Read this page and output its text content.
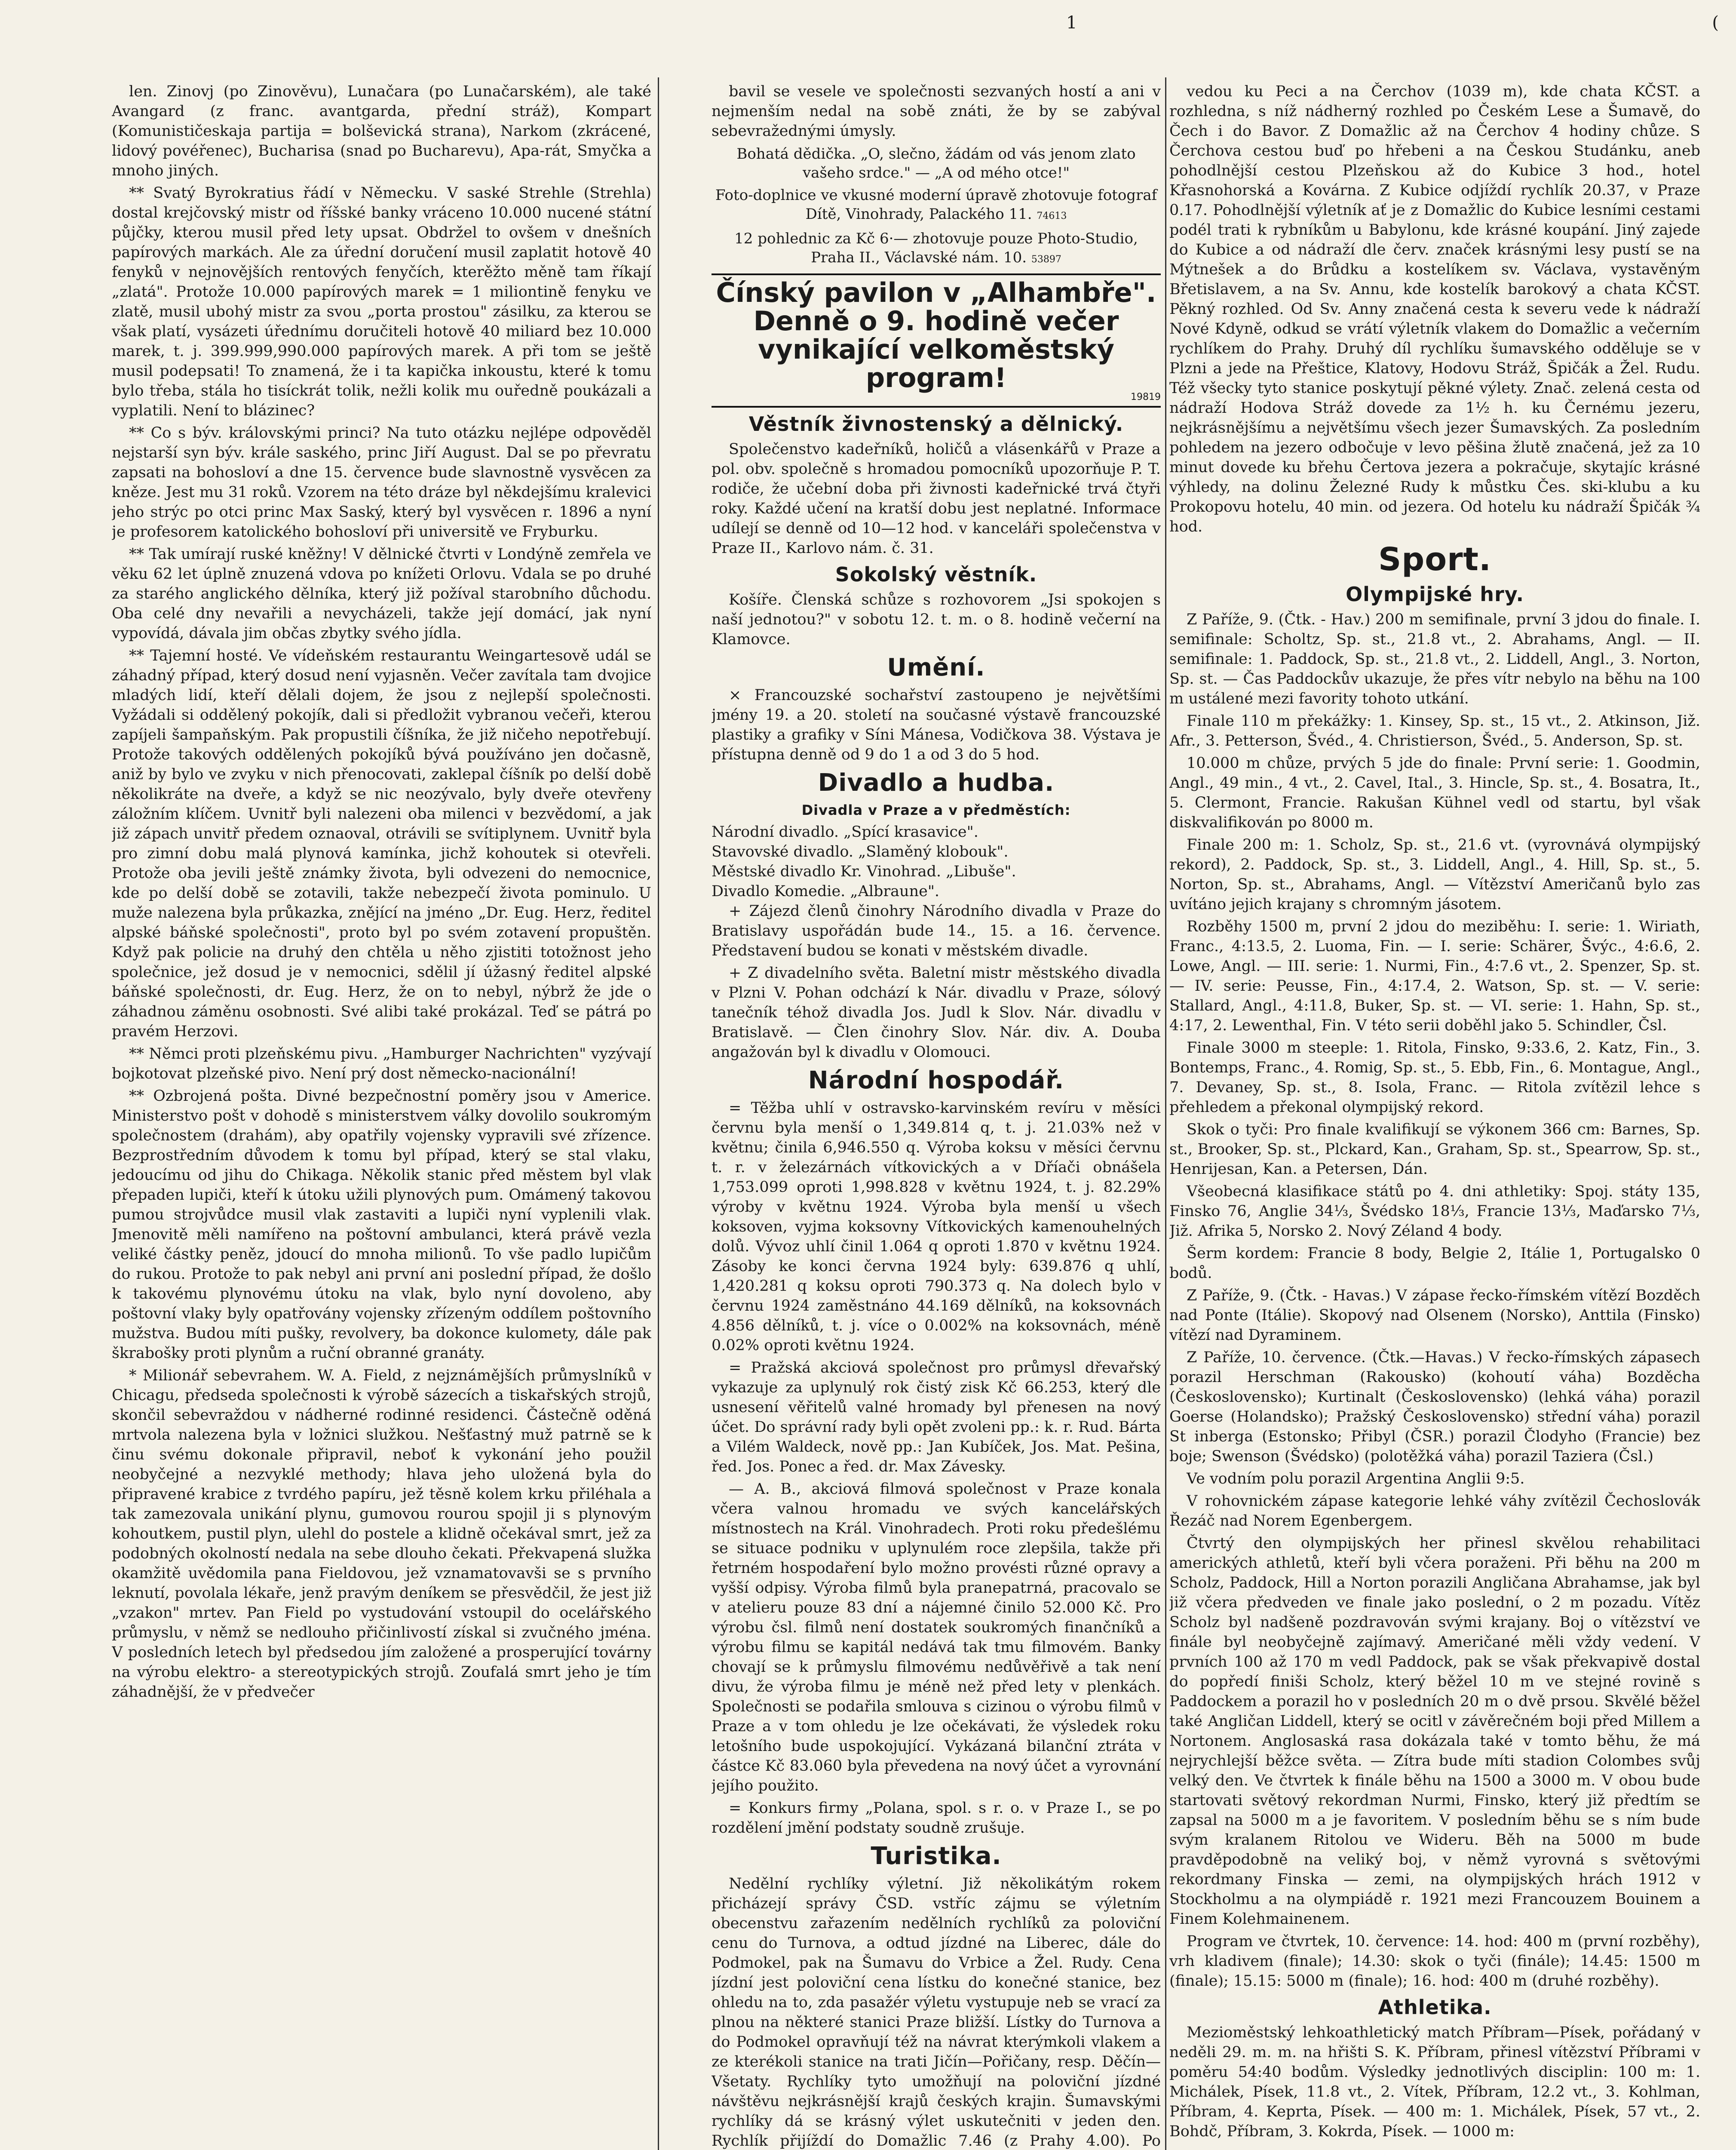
1	(

len. Zinovj (po Zinověvu), Lunačara (po Lunačarském), ale také Avangard (z franc. avantgarda, přední stráž), Kompart (Komunističeskaja partija = bolševická strana), Narkom (zkrácené, lidový povéřenec), Bucharisa (snad po Bucharevu), Apa-rát, Smyčka a mnoho jiných.

** Svatý Byrokratius řádí v Německu. V saské Strehle (Strehla) dostal krejčovský mistr od říšské banky vráceno 10.000 nucené státní půjčky, kterou musil před lety upsat. Obdržel to ovšem v dnešních papírových markách. Ale za úřední doručení musil zaplatit hotově 40 fenyků v nejnovějších rentových fenyčích, kterěžto měně tam říkají „zlatá". Protože 10.000 papírových marek = 1 miliontině fenyku ve zlatě, musil ubohý mistr za svou „porta prostou" zásilku, za kterou se však platí, vysázeti úřednímu doručiteli hotově 40 miliard bez 10.000 marek, t. j. 399.999,990.000 papírových marek. A při tom se ještě musil podepsati! To znamená, že i ta kapička inkoustu, které k tomu bylo třeba, stála ho tisíckrát tolik, nežli kolik mu ouředně poukázali a vyplatili. Není to blázinec?

** Co s býv. královskými princi? Na tuto otázku nejlépe odpověděl nejstarší syn býv. krále saského, princ Jiří August. Dal se po převratu zapsati na bohosloví a dne 15. července bude slavnostně vysvěcen za kněze. Jest mu 31 roků. Vzorem na této dráze byl někdejšímu kralevici jeho strýc po otci princ Max Saský, který byl vysvěcen r. 1896 a nyní je profesorem katolického bohosloví při universitě ve Fryburku.

** Tak umírají ruské kněžny! V dělnické čtvrti v Londýně zemřela ve věku 62 let úplně znuzená vdova po knížeti Orlovu. Vdala se po druhé za starého anglického dělníka, který již požíval starobního důchodu. Oba celé dny nevařili a nevycházeli, takže její domácí, jak nyní vypovídá, dávala jim občas zbytky svého jídla.

** Tajemní hosté. Ve vídeňském restaurantu Weingartesově udál se záhadný případ, který dosud není vyjasněn. Večer zavítala tam dvojice mladých lidí, kteří dělali dojem, že jsou z nejlepší společnosti. Vyžádali si oddělený pokojík, dali si předložit vybranou večeři, kterou zapíjeli šampaňským. Pak propustili číšníka, že již ničeho nepotřebují. Protože takových oddělených pokojíků bývá používáno jen dočasně, aniž by bylo ve zvyku v nich přenocovati, zaklepal číšník po delší době několikráte na dveře, a když se nic neozývalo, byly dveře otevřeny záložním klíčem. Uvnitř byli nalezeni oba milenci v bezvědomí, a jak již zápach unvitř předem oznaoval, otrávili se svítiplynem. Uvnitř byla pro zimní dobu malá plynová kamínka, jichž kohoutek si otevřeli. Protože oba jevili ještě známky života, byli odvezeni do nemocnice, kde po delší době se zotavili, takže nebezpečí života pominulo. U muže nalezena byla průkazka, znějící na jméno „Dr. Eug. Herz, ředitel alpské báňské společnosti", proto byl po svém zotavení propuštěn. Když pak policie na druhý den chtěla u něho zjistiti totožnost jeho společnice, jež dosud je v nemocnici, sdělil jí úžasný ředitel alpské báňské společnosti, dr. Eug. Herz, že on to nebyl, nýbrž že jde o záhadnou záměnu osobnosti. Své alibi také prokázal. Teď se pátrá po pravém Herzovi.

** Němci proti plzeňskému pivu. „Hamburger Nachrichten" vyzývají bojkotovat plzeňské pivo. Není prý dost německo-nacionální!

** Ozbrojená pošta. Divné bezpečnostní poměry jsou v Americe. Ministerstvo pošt v dohodě s ministerstvem války dovolilo soukromým společnostem (drahám), aby opatřily vojensky vypravili své zřízence. Bezprostředním důvodem k tomu byl případ, který se stal vlaku, jedoucímu od jihu do Chikaga. Několik stanic před městem byl vlak přepaden lupiči, kteří k útoku užili plynových pum. Omámený takovou pumou strojvůdce musil vlak zastaviti a lupiči nyní vyplenili vlak. Jmenovitě měli namířeno na poštovní ambulanci, která právě vezla veliké částky peněz, jdoucí do mnoha milionů. To vše padlo lupičům do rukou. Protože to pak nebyl ani první ani poslední případ, že došlo k takovému plynovému útoku na vlak, bylo nyní dovoleno, aby poštovní vlaky byly opatřovány vojensky zřízeným oddílem poštovního mužstva. Budou míti pušky, revolvery, ba dokonce kulomety, dále pak škraboškу proti plynům a ruční obranné granáty.

* Milionář sebevrahem. W. A. Field, z nejznámějších průmyslníků v Chicagu, předseda společnosti k výrobě sázecích a tiskařských strojů, skončil sebevraždou v nádherné rodinné residenci. Částečně oděná mrtvola nalezena byla v ložnici služkou. Nešťastný muž patrně se k činu svému dokonale připravil, neboť k vykonání jeho použil neobyčejné a nezvyklé methody; hlava jeho uložená byla do připravené krabice z tvrdého papíru, jež těsně kolem krku přiléhala a tak zamezovala unikání plynu, gumovou rourou spojil ji s plynovým kohoutkem, pustil plyn, ulehl do postele a klidně očekával smrt, jež za podobných okolností nedala na sebe dlouho čekati. Překvapená služka okamžitě uvědomila pana Fieldovou, jež vznamatovavši se s prvního leknutí, povolala lékaře, jenž pravým deníkem se přesvědčil, že jest již „vzakon" mrtev. Pan Field po vystudování vstoupil do ocelářského průmyslu, v němž se nedlouho přičinlivostí získal si zvučného jména. V posledních letech byl předsedou jím založené a prosperující továrny na výrobu elektro- a stereotypických strojů. Zoufalá smrt jeho je tím záhadnější, že v předvečer

bavil se vesele ve společnosti sezvaných hostí a ani v nejmenším nedal na sobě znáti, že by se zabýval sebevražednými úmysly.

Bohatá dědička. „O, slečno, žádám od vás jenom zlato vašeho srdce." — „A od mého otce!"
Foto-doplnice ve vkusné moderní úpravě zhotovuje fotograf Dítě, Vinohrady, Palackého 11. 74613
12 pohlednic za Kč 6·— zhotovuje pouze Photo-Studio, Praha II., Václavské nám. 10. 53897
Čínský pavilon v „Alhambře". Denně o 9. hodině večer vynikající velkoměstský program!
19819
Věstník živnostenský a dělnický.

Společenstvo kadeřníků, holičů a vlásenkářů v Praze a pol. obv. společně s hromadou pomocníků upozorňuje P. T. rodiče, že učební doba při živnosti kadeřnické trvá čtyři roky. Každé učení na kratší dobu jest neplatné. Informace udílejí se denně od 10—12 hod. v kanceláři společenstva v Praze II., Karlovo nám. č. 31.

Sokolský věstník.

Košíře. Členská schůze s rozhovorem „Jsi spokojen s naší jednotou?" v sobotu 12. t. m. o 8. hodině večerní na Klamovce.

Umění.

× Francouzské sochařství zastoupeno je největšími jmény 19. a 20. století na současné výstavě francouzské plastiky a grafiky v Síni Mánesa, Vodičkova 38. Výstava je přístupna denně od 9 do 1 a od 3 do 5 hod.

Divadlo a hudba.
Divadla v Praze a v předměstích:
Národní divadlo. „Spící krasavice".
Stavovské divadlo. „Slaměný klobouk".
Městské divadlo Kr. Vinohrad. „Libuše".
Divadlo Komedie. „Albraune".

+ Zájezd členů činohry Národního divadla v Praze do Bratislavy uspořádán bude 14., 15. a 16. července. Představení budou se konati v městském divadle.

+ Z divadelního světa. Baletní mistr městského divadla v Plzni V. Pohan odchází k Nár. divadlu v Praze, sólový tanečník téhož divadla Jos. Judl k Slov. Nár. divadlu v Bratislavě. — Člen činohry Slov. Nár. div. A. Douba angažován byl k divadlu v Olomouci.

Národní hospodář.

= Těžba uhlí v ostravsko-karvinském revíru v měsíci červnu byla menší o 1,349.814 q, t. j. 21.03% než v květnu; činila 6,946.550 q. Výroba koksu v měsíci červnu t. r. v železárnách vítkovických a v Dříači obnášela 1,753.099 oproti 1,998.828 v květnu 1924, t. j. 82.29% výroby v květnu 1924. Výroba byla menší u všech koksoven, vyjma koksovny Vítkovických kamenouhelných dolů. Vývoz uhlí činil 1.064 q oproti 1.870 v květnu 1924. Zásoby ke konci června 1924 byly: 639.876 q uhlí, 1,420.281 q koksu oproti 790.373 q. Na dolech bylo v červnu 1924 zaměstnáno 44.169 dělníků, na koksovnách 4.856 dělníků, t. j. více o 0.002% na koksovnách, méně 0.02% oproti květnu 1924.

= Pražská akciová společnost pro průmysl dřevařský vykazuje za uplynulý rok čistý zisk Kč 66.253, který dle usnesení věřitelů valné hromady byl přenesen na nový účet. Do správní rady byli opět zvoleni pp.: k. r. Rud. Bárta a Vilém Waldeck, nově pp.: Jan Kubíček, Jos. Mat. Pešina, řed. Jos. Ponec a řed. dr. Max Závesky.

— A. B., akciová filmová společnost v Praze konala včera valnou hromadu ve svých kancelářských místnostech na Král. Vinohradech. Proti roku předešlému se situace podniku v uplynulém roce zlepšila, takže při řetrném hospodaření bylo možno provésti různé opravy a vyšší odpisy. Výroba filmů byla pranepatrná, pracovalo se v atelieru pouze 83 dní a nájemné činilo 52.000 Kč. Pro výrobu čsl. filmů není dostatek soukromých finančníků a výrobu filmu se kapitál nedává tak tmu filmovém. Banky chovají se k průmyslu filmovému nedůvěřivě a tak není divu, že výroba filmu je méně než před lety v plenkách. Společnosti se podařila smlouva s cizinou o výrobu filmů v Praze a v tom ohledu je lze očekávati, že výsledek roku letošního bude uspokojující. Vykázaná bilanční ztráta v částce Kč 83.060 byla převedena na nový účet a vyrovnání jejího použito.

= Konkurs firmy „Polana, spol. s r. o. v Praze I., se po rozdělení jmění podstaty soudně zrušuje.

Turistika.

Nedělní rychlíky výletní. Již několikátým rokem přicházejí správy ČSD. vstříc zájmu se výletním obecenstvu zařazením nedělních rychlíků za poloviční cenu do Turnova, a odtud jízdné na Liberec, dále do Podmokel, pak na Šumavu do Vrbice a Žel. Rudy. Cena jízdní jest poloviční cena lístku do konečné stanice, bez ohledu na to, zda pasažér výletu vystupuje neb se vrací za plnou na některé stanici Praze bližší. Lístky do Turnova a do Podmokel opravňují též na návrat kterýmkoli vlakem a ze kterékoli stanice na trati Jičín—Pořičany, resp. Děčín—Všetaty. Rychlíky tyto umožňují na poloviční jízdné návštěvu nejkrásnější krajů českých krajin. Šumavskými rychlíky dá se krásný výlet uskutečniti v jeden den. Rychlík přijíždí do Domažlic 7.46 (z Prahy 4.00). Po

vedou ku Peci a na Čerchov (1039 m), kde chata KČST. a rozhledna, s níž nádherný rozhled po Českém Lese a Šumavě, do Čech i do Bavor. Z Domažlic až na Čerchov 4 hodiny chůze. S Čerchova cestou buď po hřebeni a na Českou Studánku, aneb pohodlnější cestou Plzeňskou až do Kubice 3 hod., hotel Křasnohorská a Kovárna. Z Kubice odjíždí rychlík 20.37, v Praze 0.17. Pohodlnější výletník ať je z Domažlic do Kubice lesními cestami podél trati k rybníkům u Babylonu, kde krásné koupání. Jiný zajede do Kubice a od nádraží dle červ. značek krásnými lesy pustí se na Mýtnešek a do Brůdku a kostelíkem sv. Václava, vystavěným Břetislavem, a na Sv. Annu, kde kostelík barokový a chata KČST. Pěkný rozhled. Od Sv. Anny značená cesta k severu vede k nádraží Nové Kdyně, odkud se vrátí výletník vlakem do Domažlic a večerním rychlíkem do Prahy. Druhý díl rychlíku šumavského odděluje se v Plzni a jede na Přeštice, Klatovy, Hodovu Stráž, Špičák a Žel. Rudu. Též všecky tyto stanice poskytují pěkné výlety. Znač. zelená cesta od nádraží Hodova Stráž dovede za 1½ h. ku Černému jezeru, nejkrásnějšímu a největšímu všech jezer Šumavských. Za posledním pohledem na jezero odbočuje v levo pěšina žlutě značená, jež za 10 minut dovede ku břehu Čertova jezera a pokračuje, skytajíc krásné výhledy, na dolinu Železné Rudy k můstku Čes. ski-klubu a ku Prokopovu hotelu, 40 min. od jezera. Od hotelu ku nádraží Špičák ¾ hod.

Sport.
Olympijské hry.

Z Paříže, 9. (Čtk. - Hav.) 200 m semifinale, první 3 jdou do finale. I. semifinale: Scholtz, Sp. st., 21.8 vt., 2. Abrahams, Angl. — II. semifinale: 1. Paddock, Sp. st., 21.8 vt., 2. Liddell, Angl., 3. Norton, Sp. st. — Čas Paddockův ukazuje, že přes vítr nebylo na běhu na 100 m ustálené mezi favority tohoto utkání.

Finale 110 m překážky: 1. Kinsey, Sp. st., 15 vt., 2. Atkinson, Již. Afr., 3. Petterson, Švéd., 4. Christierson, Švéd., 5. Anderson, Sp. st.

10.000 m chůze, prvých 5 jde do finale: První serie: 1. Goodmin, Angl., 49 min., 4 vt., 2. Cavel, Ital., 3. Hincle, Sp. st., 4. Bosatra, It., 5. Clermont, Francie. Rakušan Kühnel vedl od startu, byl však diskvalifikován po 8000 m.

Finale 200 m: 1. Scholz, Sp. st., 21.6 vt. (vyrovnává olympijský rekord), 2. Paddock, Sp. st., 3. Liddell, Angl., 4. Hill, Sp. st., 5. Norton, Sp. st., Abrahams, Angl. — Vítězství Američanů bylo zas uvítáno jejich krajany s chromným jásotem.

Rozběhy 1500 m, první 2 jdou do meziběhu: I. serie: 1. Wiriath, Franc., 4:13.5, 2. Luoma, Fin. — I. serie: Schärer, Švýc., 4:6.6, 2. Lowe, Angl. — III. serie: 1. Nurmi, Fin., 4:7.6 vt., 2. Spenzer, Sp. st. — IV. serie: Peusse, Fin., 4:17.4, 2. Watson, Sp. st. — V. serie: Stallard, Angl., 4:11.8, Buker, Sp. st. — VI. serie: 1. Hahn, Sp. st., 4:17, 2. Lewenthal, Fin. V této serii doběhl jako 5. Schindler, Čsl.

Finale 3000 m steeple: 1. Ritola, Finsko, 9:33.6, 2. Katz, Fin., 3. Bontemps, Franc., 4. Romig, Sp. st., 5. Ebb, Fin., 6. Montague, Angl., 7. Devaney, Sp. st., 8. Isola, Franc. — Ritola zvítězil lehce s přehledem a překonal olympijský rekord.

Skok o tyči: Pro finale kvalifikují se výkonem 366 cm: Barnes, Sp. st., Brooker, Sp. st., Plckard, Kan., Graham, Sp. st., Spearrow, Sp. st., Henrijesan, Kan. a Petersen, Dán.

Všeobecná klasifikace států po 4. dni athletiky: Spoj. státy 135, Finsko 76, Anglie 34⅓, Švédsko 18⅓, Francie 13⅓, Maďarsko 7⅓, Již. Afrika 5, Norsko 2. Nový Zéland 4 body.

Šerm kordem: Francie 8 body, Belgie 2, Itálie 1, Portugalsko 0 bodů.

Z Paříže, 9. (Čtk. - Havas.) V zápase řecko-římském vítězí Bozděch nad Ponte (Itálie). Skopový nad Olsenem (Norsko), Anttila (Finsko) vítězí nad Dyraminem.

Z Paříže, 10. července. (Čtk.—Havas.) V řecko-římských zápasech porazil Herschman (Rakousko) (kohoutí váha) Bozděcha (Československo); Kurtinalt (Československo) (lehká váha) porazil Goerse (Holandsko); Pražský Československo) střední váha) porazil St inberga (Estonsko; Přibyl (ČSR.) porazil Člodyho (Francie) bez boje; Swenson (Švédsko) (polotěžká váha) porazil Taziera (Čsl.)

Ve vodním polu porazil Argentina Anglii 9:5.

V rohovnickém zápase kategorie lehké váhy zvítězil Čechoslovák Řezáč nad Norem Egenbergem.

Čtvrtý den olympijských her přinesl skvělou rehabilitaci amerických athletů, kteří byli včera poraženi. Při běhu na 200 m Scholz, Paddock, Hill a Norton porazili Angličana Abrahamse, jak byl již včera předveden ve finale jako poslední, o 2 m pozadu. Vítěz Scholz byl nadšeně pozdravován svými krajany. Boj o vítězství ve finále byl neobyčejně zajímavý. Američané měli vždy vedení. V prvních 100 až 170 m vedl Paddock, pak se však překvapivě dostal do popředí finiši Scholz, který běžel 10 m ve stejné rovině s Paddockem a porazil ho v posledních 20 m o dvě prsou. Skvělé běžel také Angličan Liddell, který se ocitl v závěrečném boji před Millem a Nortonem. Anglosaská rasa dokázala také v tomto běhu, že má nejrychlejší běžce světa. — Zítra bude míti stadion Colombes svůj velký den. Ve čtvrtek k finále běhu na 1500 a 3000 m. V obou bude startovati světový rekordman Nurmi, Finsko, který již předtím se zapsal na 5000 m a je favoritem. V posledním běhu se s ním bude svým kralanem Ritolou ve Wideru. Běh na 5000 m bude pravděpodobně na veliký boj, v němž vyrovná s světovými rekordmany Finska — zemi, na olympijských hrách 1912 v Stockholmu a na olympiádě r. 1921 mezi Francouzem Bouinem a Finem Kolehmainenem.

Program ve čtvrtek, 10. července: 14. hod: 400 m (první rozběhy), vrh kladivem (finale); 14.30: skok o tyči (finále); 14.45: 1500 m (finale); 15.15: 5000 m (finale); 16. hod: 400 m (druhé rozběhy).

Athletika.

Mezioměstský lehkoathletický match Příbram—Písek, pořádaný v neděli 29. m. m. na hřišti S. K. Příbram, přinesl vítězství Příbrami v poměru 54:40 bodům. Výsledky jednotlivých disciplin: 100 m: 1. Michálek, Písek, 11.8 vt., 2. Vítek, Příbram, 12.2 vt., 3. Kohlman, Příbram, 4. Keprta, Písek. — 400 m: 1. Michálek, Písek, 57 vt., 2. Bohdč, Příbram, 3. Kokrda, Písek. — 1000 m:
